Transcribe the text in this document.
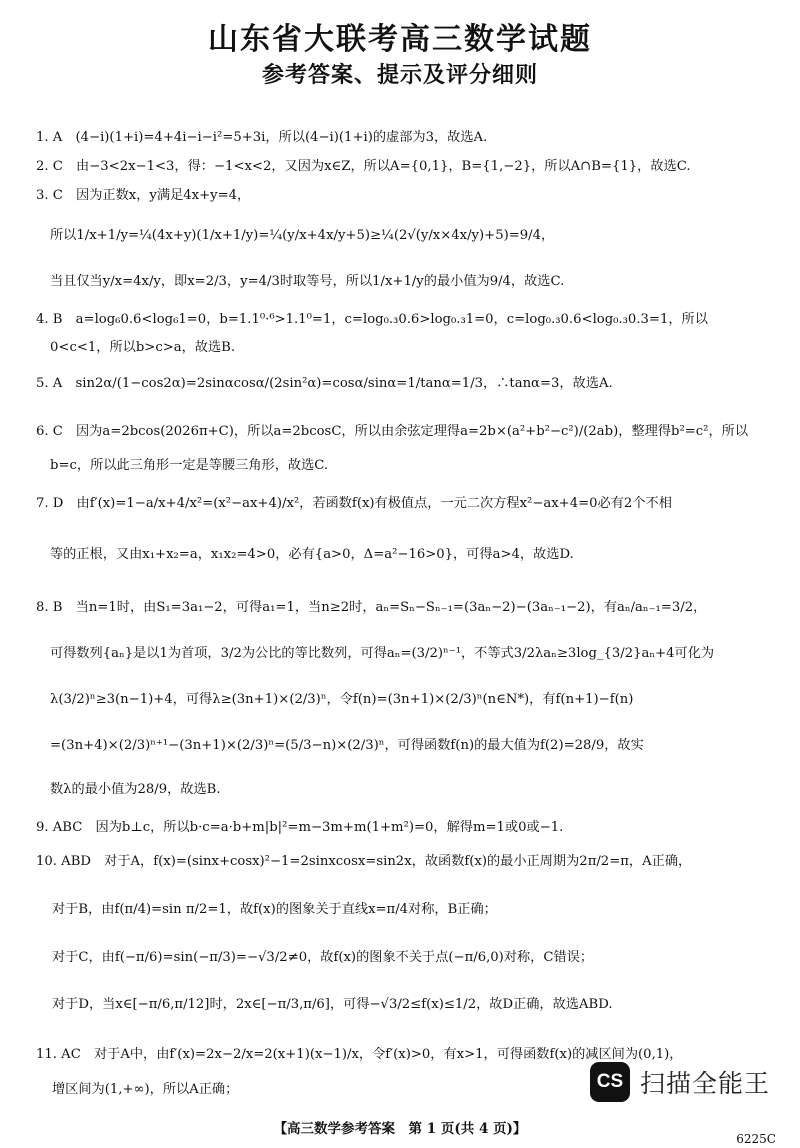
山东省大联考高三数学试题
参考答案、提示及评分细则
1. A　(4−i)(1+i)=4+4i−i−i²=5+3i，所以(4−i)(1+i)的虚部为3，故选A.
2. C　由−3<2x−1<3，得：−1<x<2，又因为x∈Z，所以A={0,1}，B={1,−2}，所以A∩B={1}，故选C.
3. C　因为正数x，y满足4x+y=4，
所以1/x+1/y=¼(4x+y)(1/x+1/y)=¼(y/x+4x/y+5)≥¼(2√(y/x×4x/y)+5)=9/4，
当且仅当y/x=4x/y，即x=2/3，y=4/3时取等号，所以1/x+1/y的最小值为9/4，故选C.
4. B　a=log₆0.6<log₆1=0，b=1.1⁰·⁶>1.1⁰=1，c=log₀.₃0.6>log₀.₃1=0，c=log₀.₃0.6<log₀.₃0.3=1，所以
0<c<1，所以b>c>a，故选B.
5. A　sin2α/(1−cos2α)=2sinαcosα/(2sin²α)=cosα/sinα=1/tanα=1/3，∴tanα=3，故选A.
6. C　因为a=2bcos(2026π+C)，所以a=2bcosC，所以由余弦定理得a=2b×(a²+b²−c²)/(2ab)，整理得b²=c²，所以
b=c，所以此三角形一定是等腰三角形，故选C.
7. D　由f′(x)=1−a/x+4/x²=(x²−ax+4)/x²，若函数f(x)有极值点，一元二次方程x²−ax+4=0必有2个不相
等的正根，又由x₁+x₂=a，x₁x₂=4>0，必有{a>0，Δ=a²−16>0}，可得a>4，故选D.
8. B　当n=1时，由S₁=3a₁−2，可得a₁=1，当n≥2时，aₙ=Sₙ−Sₙ₋₁=(3aₙ−2)−(3aₙ₋₁−2)，有aₙ/aₙ₋₁=3/2，
可得数列{aₙ}是以1为首项，3/2为公比的等比数列，可得aₙ=(3/2)ⁿ⁻¹，不等式3/2λaₙ≥3log_{3/2}aₙ+4可化为
λ(3/2)ⁿ≥3(n−1)+4，可得λ≥(3n+1)×(2/3)ⁿ，令f(n)=(3n+1)×(2/3)ⁿ(n∈N*)，有f(n+1)−f(n)
=(3n+4)×(2/3)ⁿ⁺¹−(3n+1)×(2/3)ⁿ=(5/3−n)×(2/3)ⁿ，可得函数f(n)的最大值为f(2)=28/9，故实
数λ的最小值为28/9，故选B.
9. ABC　因为b⊥c，所以b·c=a·b+m|b|²=m−3m+m(1+m²)=0，解得m=1或0或−1.
10. ABD　对于A，f(x)=(sinx+cosx)²−1=2sinxcosx=sin2x，故函数f(x)的最小正周期为2π/2=π，A正确，
对于B，由f(π/4)=sin π/2=1，故f(x)的图象关于直线x=π/4对称，B正确；
对于C，由f(−π/6)=sin(−π/3)=−√3/2≠0，故f(x)的图象不关于点(−π/6,0)对称，C错误；
对于D，当x∈[−π/6,π/12]时，2x∈[−π/3,π/6]，可得−√3/2≤f(x)≤1/2，故D正确，故选ABD.
11. AC　对于A中，由f′(x)=2x−2/x=2(x+1)(x−1)/x，令f′(x)>0，有x>1，可得函数f(x)的减区间为(0,1)，
增区间为(1,+∞)，所以A正确；	CS 扫描全能王
【高三数学参考答案　第 1 页(共 4 页)】
6225C
